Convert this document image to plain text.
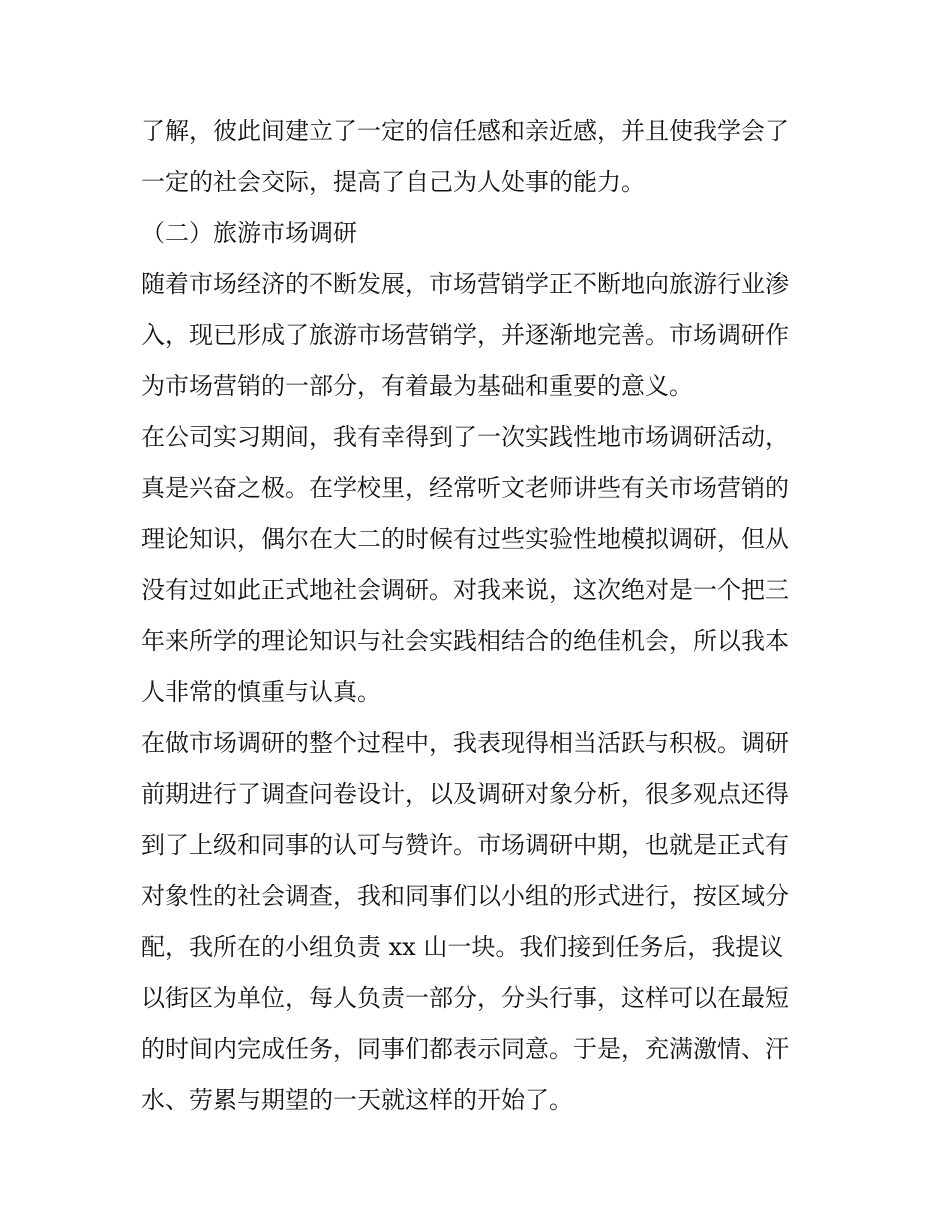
了解，彼此间建立了一定的信任感和亲近感，并且使我学会了
一定的社会交际，提高了自己为人处事的能力。
（二）旅游市场调研
随着市场经济的不断发展，市场营销学正不断地向旅游行业渗
入，现已形成了旅游市场营销学，并逐渐地完善。市场调研作
为市场营销的一部分，有着最为基础和重要的意义。
在公司实习期间，我有幸得到了一次实践性地市场调研活动，
真是兴奋之极。在学校里，经常听文老师讲些有关市场营销的
理论知识，偶尔在大二的时候有过些实验性地模拟调研，但从
没有过如此正式地社会调研。对我来说，这次绝对是一个把三
年来所学的理论知识与社会实践相结合的绝佳机会，所以我本
人非常的慎重与认真。
在做市场调研的整个过程中，我表现得相当活跃与积极。调研
前期进行了调查问卷设计，以及调研对象分析，很多观点还得
到了上级和同事的认可与赞许。市场调研中期，也就是正式有
对象性的社会调查，我和同事们以小组的形式进行，按区域分
配，我所在的小组负责 xx 山一块。我们接到任务后，我提议
以街区为单位，每人负责一部分，分头行事，这样可以在最短
的时间内完成任务，同事们都表示同意。于是，充满激情、汗
水、劳累与期望的一天就这样的开始了。
